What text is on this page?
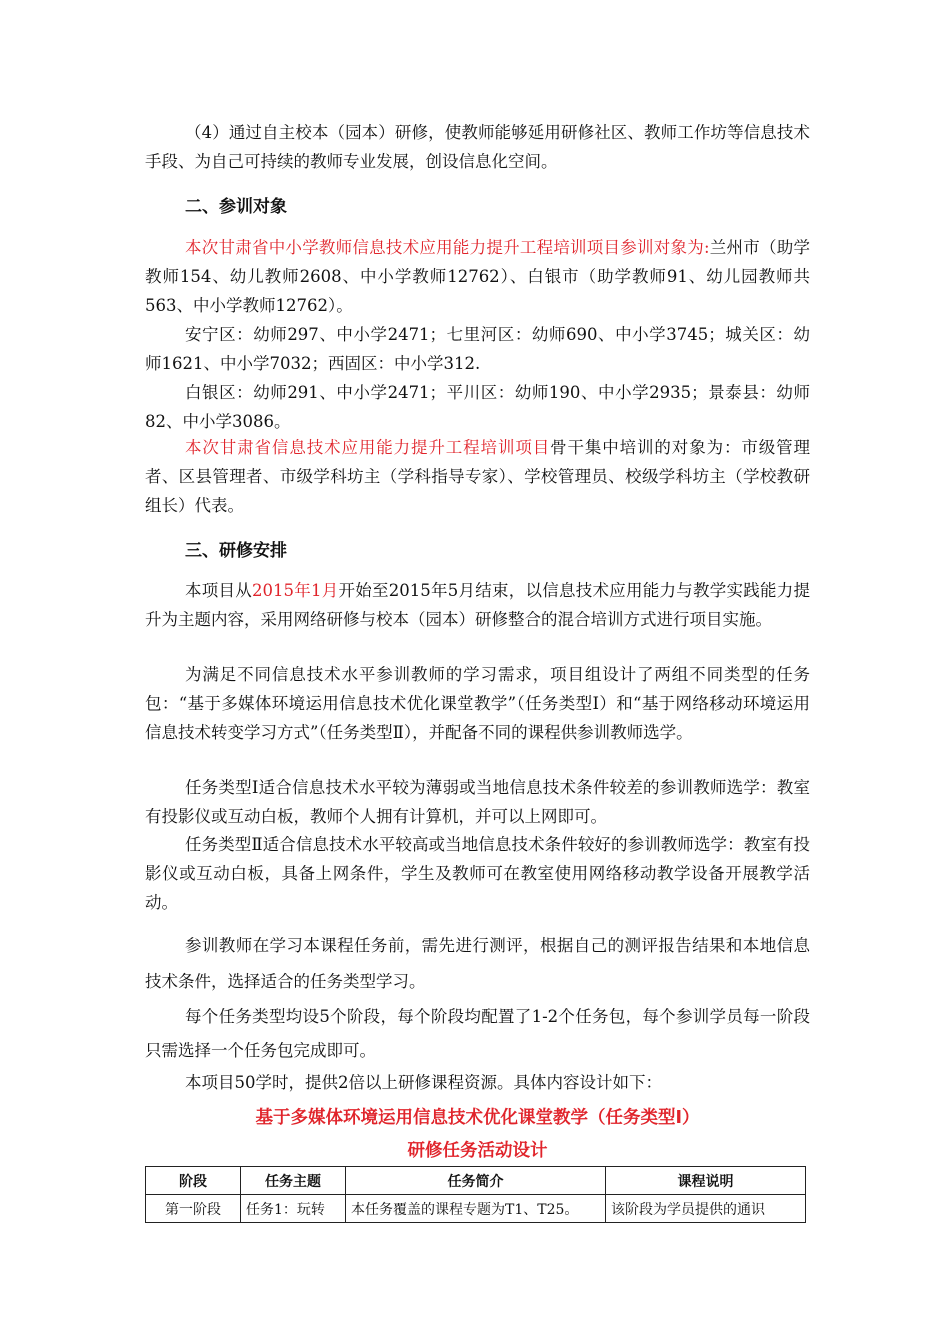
（4）通过自主校本（园本）研修，使教师能够延用研修社区、教师工作坊等信息技术手段、为自己可持续的教师专业发展，创设信息化空间。

二、参训对象

本次甘肃省中小学教师信息技术应用能力提升工程培训项目参训对象为:兰州市（助学教师154、幼儿教师2608、中小学教师12762）、白银市（助学教师91、幼儿园教师共563、中小学教师12762）。

安宁区：幼师297、中小学2471；七里河区：幼师690、中小学3745；城关区：幼师1621、中小学7032；西固区：中小学312.

白银区：幼师291、中小学2471；平川区：幼师190、中小学2935；景泰县：幼师82、中小学3086。

本次甘肃省信息技术应用能力提升工程培训项目骨干集中培训的对象为：市级管理者、区县管理者、市级学科坊主（学科指导专家）、学校管理员、校级学科坊主（学校教研组长）代表。

三、研修安排

本项目从2015年1月开始至2015年5月结束，以信息技术应用能力与教学实践能力提升为主题内容，采用网络研修与校本（园本）研修整合的混合培训方式进行项目实施。

为满足不同信息技术水平参训教师的学习需求，项目组设计了两组不同类型的任务包：“基于多媒体环境运用信息技术优化课堂教学”（任务类型Ⅰ）和“基于网络移动环境运用信息技术转变学习方式”（任务类型Ⅱ），并配备不同的课程供参训教师选学。

任务类型Ⅰ适合信息技术水平较为薄弱或当地信息技术条件较差的参训教师选学：教室有投影仪或互动白板，教师个人拥有计算机，并可以上网即可。

任务类型Ⅱ适合信息技术水平较高或当地信息技术条件较好的参训教师选学：教室有投影仪或互动白板，具备上网条件，学生及教师可在教室使用网络移动教学设备开展教学活动。

参训教师在学习本课程任务前，需先进行测评，根据自己的测评报告结果和本地信息技术条件，选择适合的任务类型学习。

每个任务类型均设5个阶段，每个阶段均配置了1-2个任务包，每个参训学员每一阶段只需选择一个任务包完成即可。

本项目50学时，提供2倍以上研修课程资源。具体内容设计如下：

基于多媒体环境运用信息技术优化课堂教学（任务类型Ⅰ）

研修任务活动设计

阶段	任务主题	任务简介	课程说明
第一阶段	任务1：玩转	本任务覆盖的课程专题为T1、T25。	该阶段为学员提供的通识
